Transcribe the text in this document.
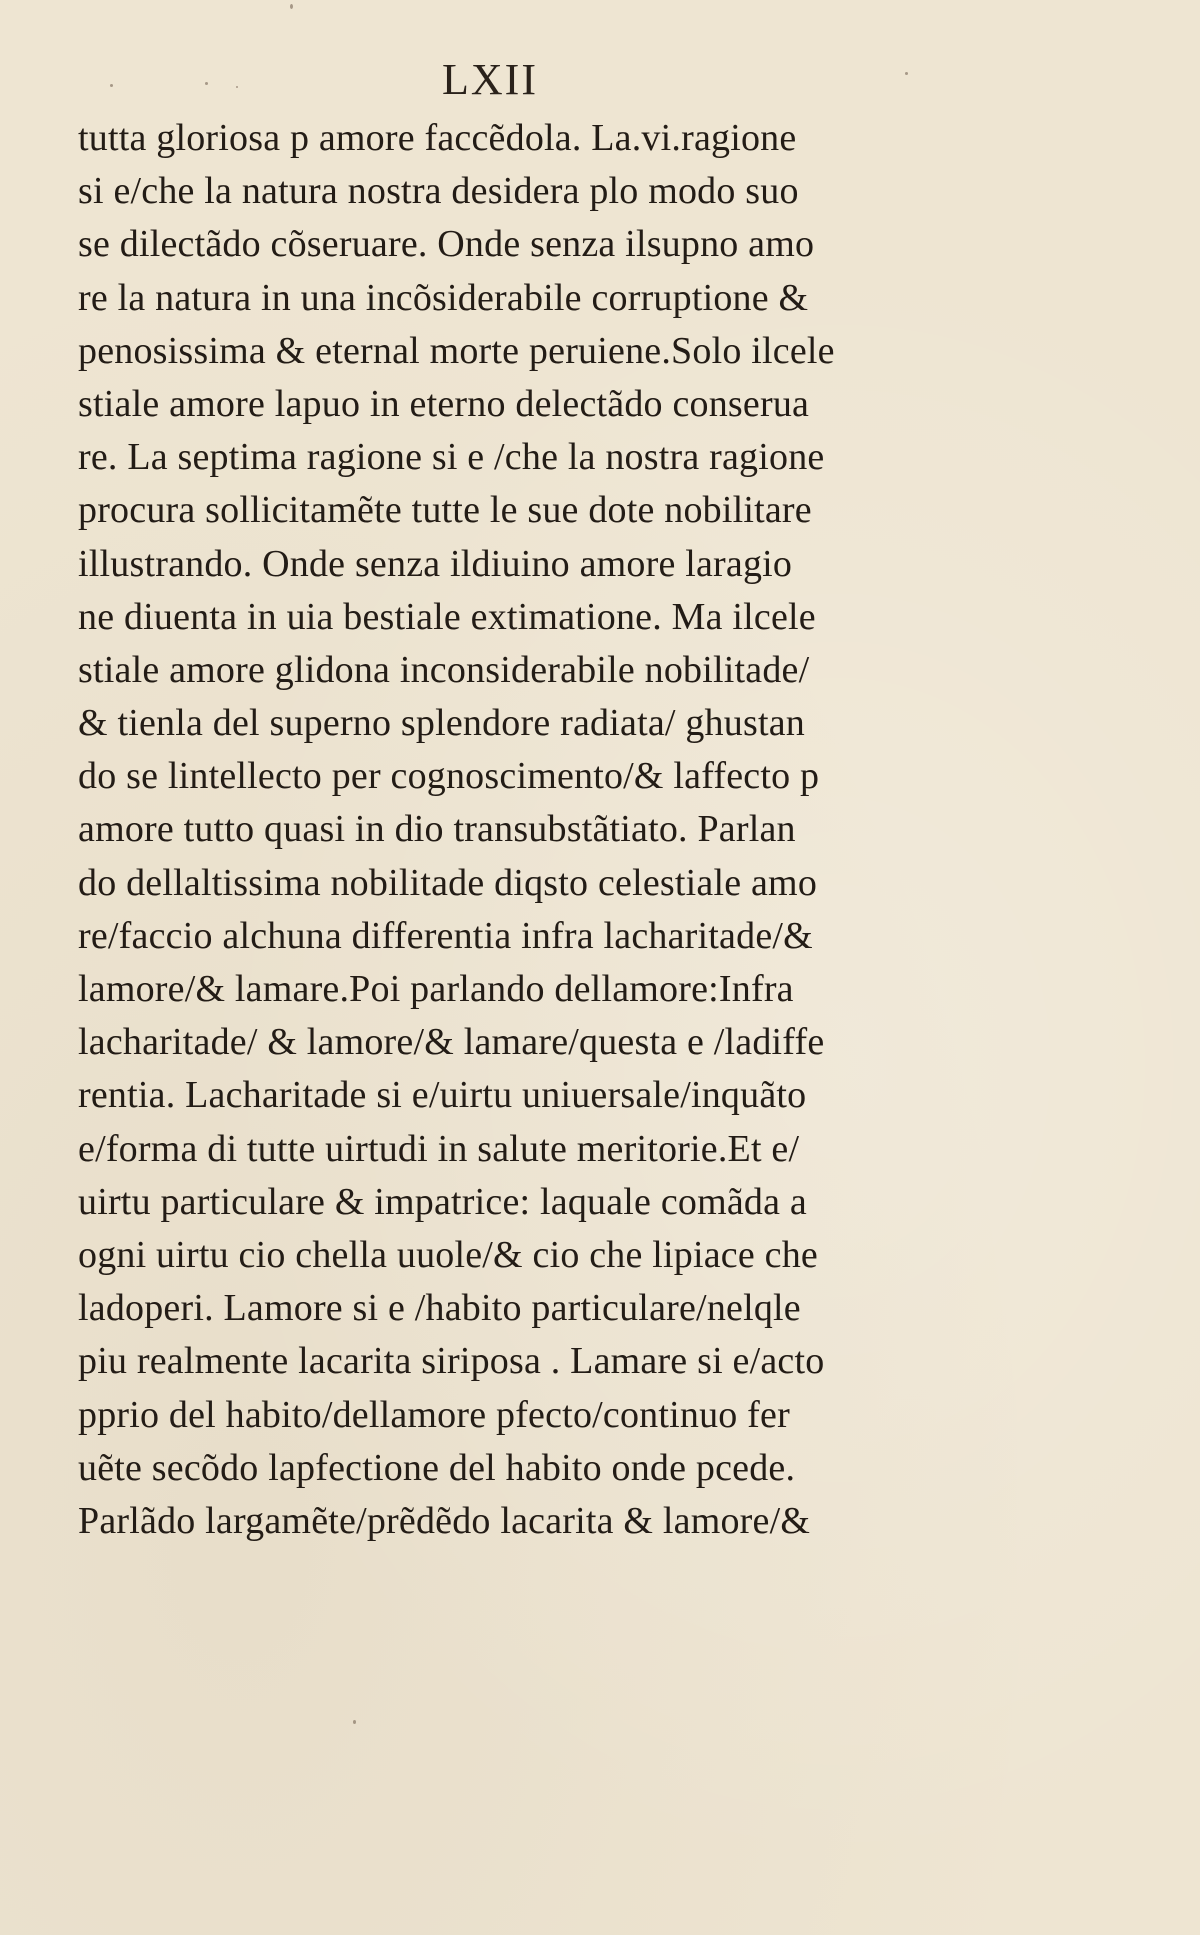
LXII
tutta gloriosa p amore faccẽdola. La.vi.ragione
si e/che la natura nostra desidera plo modo suo
se dilectãdo cõseruare. Onde senza ilsupno amo
re la natura in una incõsiderabile corruptione &
penosissima & eternal morte peruiene.Solo ilcele
stiale amore lapuo in eterno delectãdo conserua
re. La septima ragione si e /che la nostra ragione
procura sollicitamẽte tutte le sue dote nobilitare
illustrando. Onde senza ildiuino amore laragio
ne diuenta in uia bestiale extimatione. Ma ilcele
stiale amore glidona inconsiderabile nobilitade/
& tienla del superno splendore radiata/ ghustan
do se lintellecto per cognoscimento/& laffecto p
amore tutto quasi in dio transubstãtiato. Parlan
do dellaltissima nobilitade diqsto celestiale amo
re/faccio alchuna differentia infra lacharitade/&
lamore/& lamare.Poi parlando dellamore:Infra
lacharitade/ & lamore/& lamare/questa e /ladiffe
rentia. Lacharitade si e/uirtu uniuersale/inquãto
e/forma di tutte uirtudi in salute meritorie.Et e/
uirtu particulare & impatrice: laquale comãda a
ogni uirtu cio chella uuole/& cio che lipiace che
ladoperi. Lamore si e /habito particulare/nelqle
piu realmente lacarita siriposa . Lamare si e/acto
pprio del habito/dellamore pfecto/continuo fer
uẽte secõdo lapfectione del habito onde pcede.
Parlãdo largamẽte/prẽdẽdo lacarita & lamore/&
